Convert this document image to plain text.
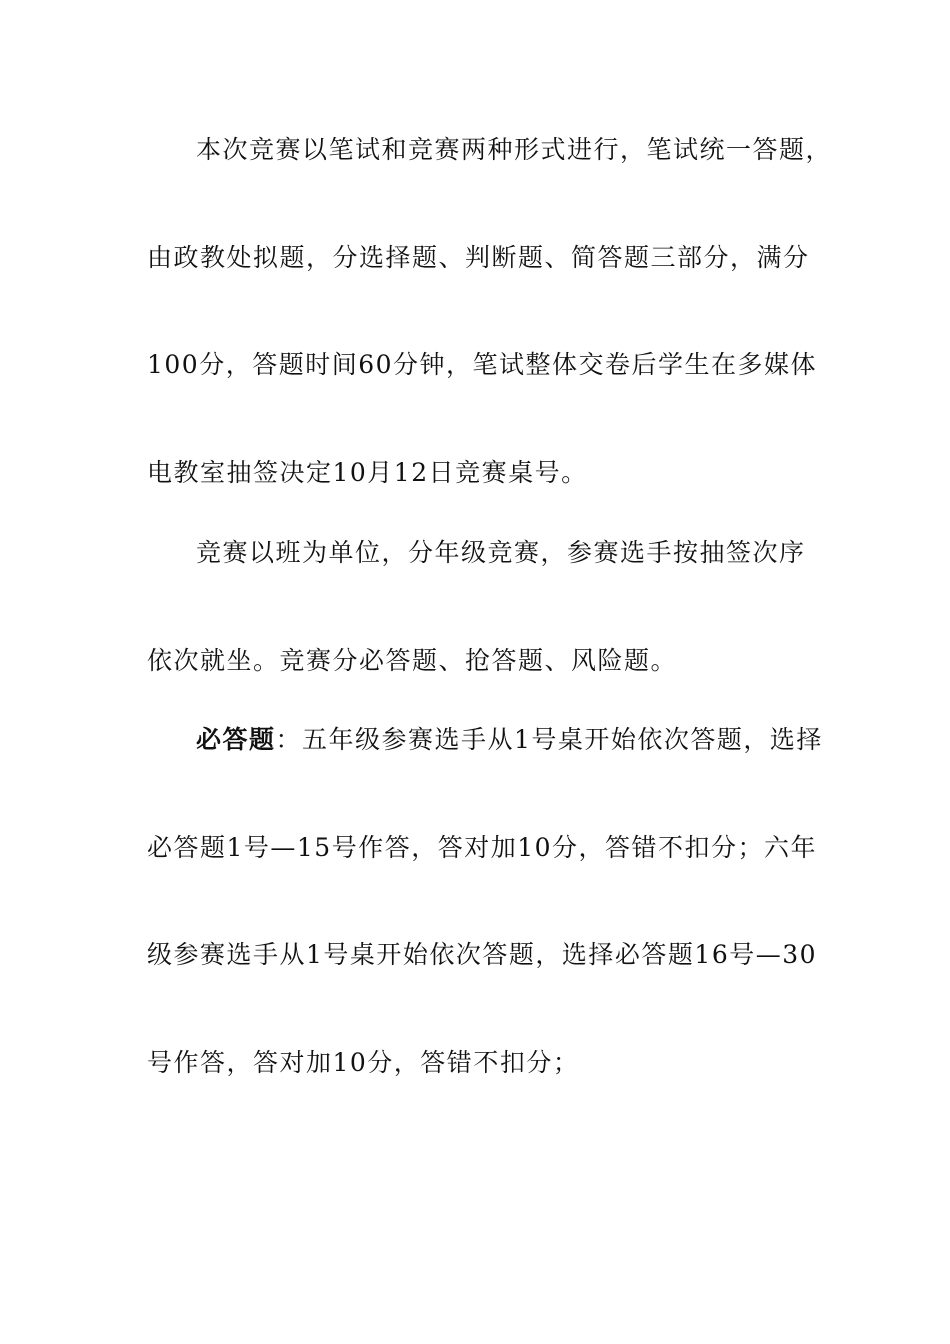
本次竞赛以笔试和竞赛两种形式进行，笔试统一答题，
由政教处拟题，分选择题、判断题、简答题三部分，满分
100分，答题时间60分钟，笔试整体交卷后学生在多媒体
电教室抽签决定10月12日竞赛桌号。
竞赛以班为单位，分年级竞赛，参赛选手按抽签次序
依次就坐。竞赛分必答题、抢答题、风险题。
必答题：五年级参赛选手从1号桌开始依次答题，选择
必答题1号—15号作答，答对加10分，答错不扣分；六年
级参赛选手从1号桌开始依次答题，选择必答题16号—30
号作答，答对加10分，答错不扣分；
